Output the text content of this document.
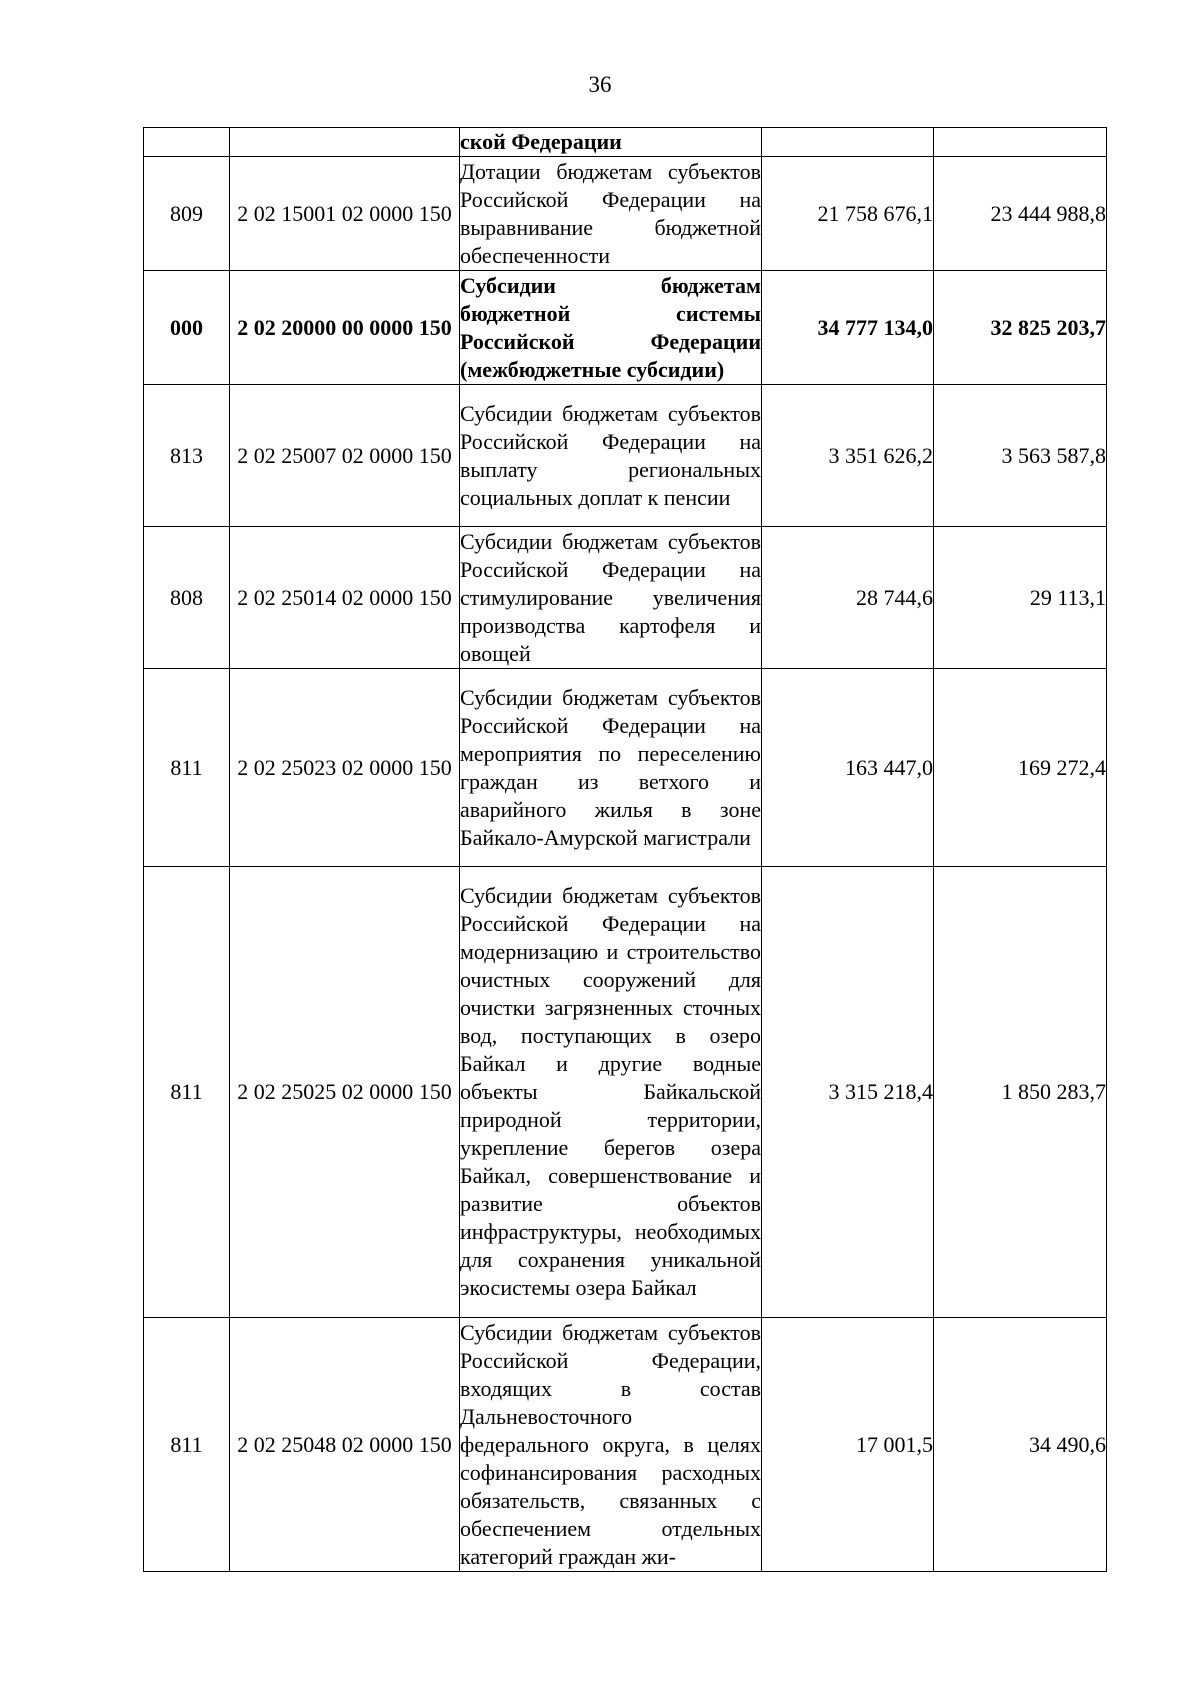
36
		ской Федерации		
809	2 02 15001 02 0000 150	Дотации бюджетам субъектов Российской Федерации на выравнивание бюджетной обеспеченности	21 758 676,1	23 444 988,8
000	2 02 20000 00 0000 150	Субсидии бюджетам бюджетной системы Российской Федерации (межбюджетные субсидии)	34 777 134,0	32 825 203,7
813	2 02 25007 02 0000 150	Субсидии бюджетам субъектов Российской Федерации на выплату региональных социальных доплат к пенсии	3 351 626,2	3 563 587,8
808	2 02 25014 02 0000 150	Субсидии бюджетам субъектов Российской Федерации на стимулирование увеличения производства картофеля и овощей	28 744,6	29 113,1
811	2 02 25023 02 0000 150	Субсидии бюджетам субъектов Российской Федерации на мероприятия по переселению граждан из ветхого и аварийного жилья в зоне Байкало-Амурской магистрали	163 447,0	169 272,4
811	2 02 25025 02 0000 150	Субсидии бюджетам субъектов Российской Федерации на модернизацию и строительство очистных сооружений для очистки загрязненных сточных вод, поступающих в озеро Байкал и другие водные объекты Байкальской природной территории, укрепление берегов озера Байкал, совершенствование и развитие объектов инфраструктуры, необходимых для сохранения уникальной экосистемы озера Байкал	3 315 218,4	1 850 283,7
811	2 02 25048 02 0000 150	Субсидии бюджетам субъектов Российской Федерации, входящих в состав Дальневосточного федерального округа, в целях софинансирования расходных обязательств, связанных с обеспечением отдельных категорий граждан жи-	17 001,5	34 490,6
